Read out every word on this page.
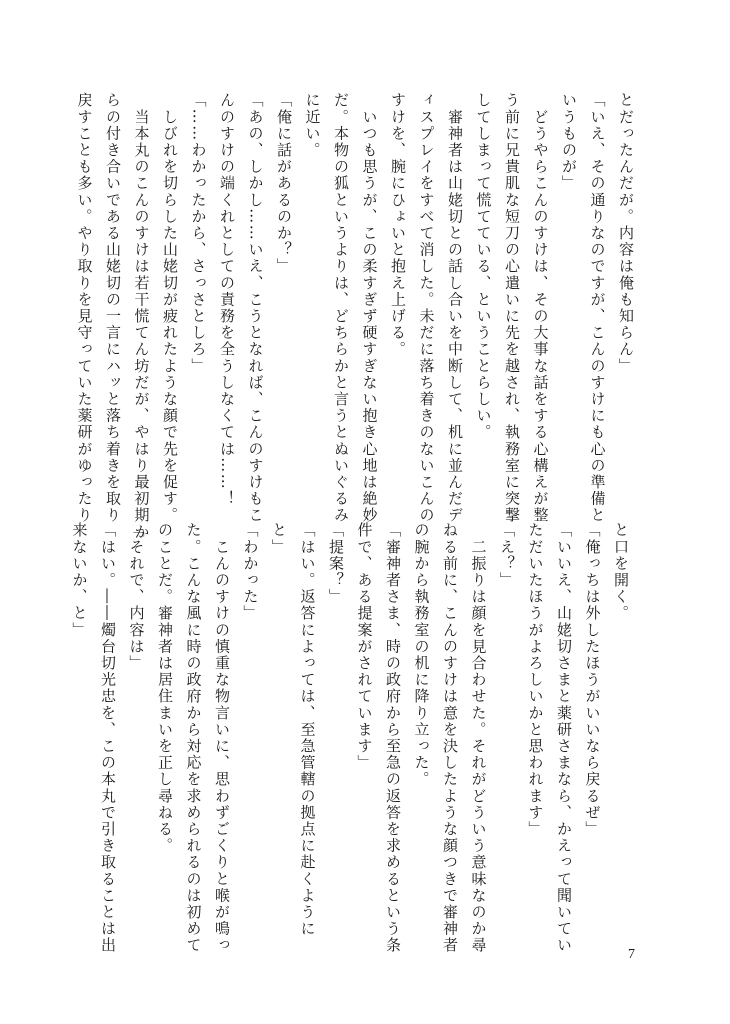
とだったんだが。内容は俺も知らん」
「いえ、その通りなのですが、こんのすけにも心の準備と
いうものが」
　どうやらこんのすけは、その大事な話をする心構えが整
う前に兄貴肌な短刀の心遣いに先を越され、執務室に突撃
してしまって慌てている、ということらしい。
　審神者は山姥切との話し合いを中断して、机に並んだデ
ィスプレイをすべて消した。未だに落ち着きのないこんの
すけを、腕にひょいと抱え上げる。
　いつも思うが、この柔すぎず硬すぎない抱き心地は絶妙
だ。本物の狐というよりは、どちらかと言うとぬいぐるみ
に近い。
「俺に話があるのか？」
「あの、しかし……いえ、こうとなれば、こんのすけもこ
んのすけの端くれとしての責務を全うしなくては……！
「……わかったから、さっさとしろ」
　しびれを切らした山姥切が疲れたような顔で先を促す。
　当本丸のこんのすけは若干慌てん坊だが、やはり最初期か
らの付き合いである山姥切の一言にハッと落ち着きを取り
戻すことも多い。やり取りを見守っていた薬研がゆったり
と口を開く。
「俺っちは外したほうがいいなら戻るぜ」
「いいえ、山姥切さまと薬研さまなら、かえって聞いてい
ただいたほうがよろしいかと思われます」
「え？」
　二振りは顔を見合わせた。それがどういう意味なのか尋
ねる前に、こんのすけは意を決したような顔つきで審神者
の腕から執務室の机に降り立った。
「審神者さま、時の政府から至急の返答を求めるという条
件で、ある提案がされています」
「提案？」
「はい。返答によっては、至急管轄の拠点に赴くように
と」
「わかった」
　こんのすけの慎重な物言いに、思わずごくりと喉が鳴っ
た。こんな風に時の政府から対応を求められるのは初めて
のことだ。審神者は居住まいを正し尋ねる。
「それで、内容は」
「はい。――燭台切光忠を、この本丸で引き取ることは出
来ないか、と」
7
